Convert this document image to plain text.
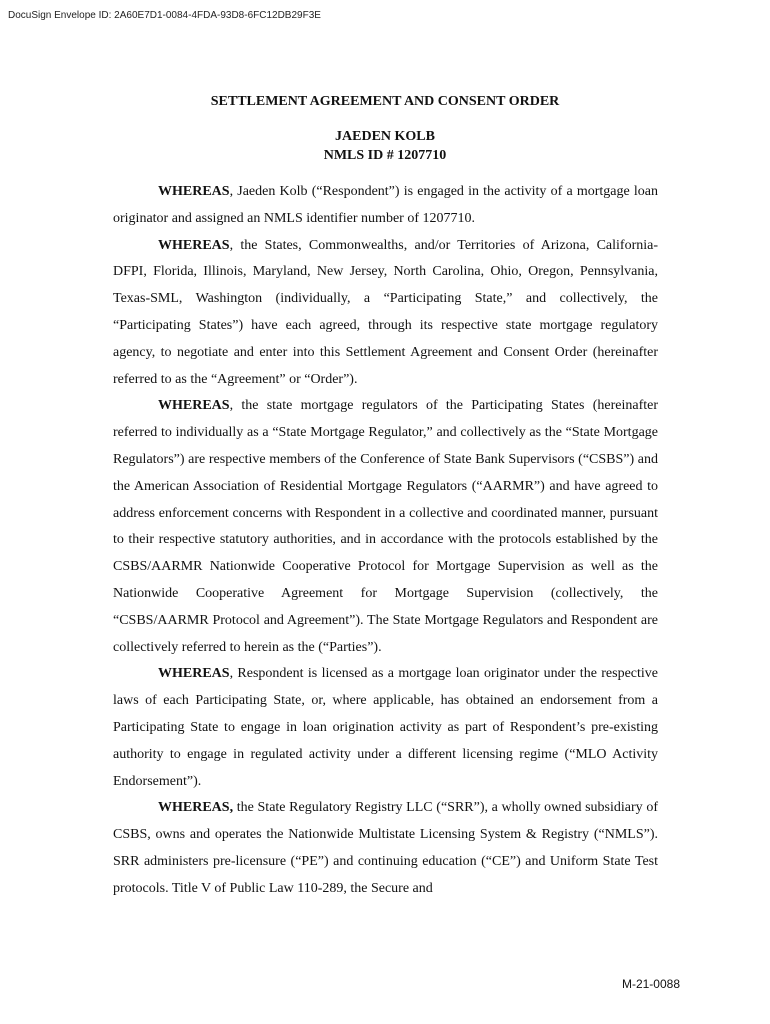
DocuSign Envelope ID: 2A60E7D1-0084-4FDA-93D8-6FC12DB29F3E
SETTLEMENT AGREEMENT AND CONSENT ORDER
JAEDEN KOLB
NMLS ID # 1207710

WHEREAS, Jaeden Kolb (“Respondent”) is engaged in the activity of a mortgage loan originator and assigned an NMLS identifier number of 1207710.

WHEREAS, the States, Commonwealths, and/or Territories of Arizona, California-DFPI, Florida, Illinois, Maryland, New Jersey, North Carolina, Ohio, Oregon, Pennsylvania, Texas-SML, Washington (individually, a “Participating State,” and collectively, the “Participating States”) have each agreed, through its respective state mortgage regulatory agency, to negotiate and enter into this Settlement Agreement and Consent Order (hereinafter referred to as the “Agreement” or “Order”).

WHEREAS, the state mortgage regulators of the Participating States (hereinafter referred to individually as a “State Mortgage Regulator,” and collectively as the “State Mortgage Regulators”) are respective members of the Conference of State Bank Supervisors (“CSBS”) and the American Association of Residential Mortgage Regulators (“AARMR”) and have agreed to address enforcement concerns with Respondent in a collective and coordinated manner, pursuant to their respective statutory authorities, and in accordance with the protocols established by the CSBS/AARMR Nationwide Cooperative Protocol for Mortgage Supervision as well as the Nationwide Cooperative Agreement for Mortgage Supervision (collectively, the “CSBS/AARMR Protocol and Agreement”). The State Mortgage Regulators and Respondent are collectively referred to herein as the (“Parties”).

WHEREAS, Respondent is licensed as a mortgage loan originator under the respective laws of each Participating State, or, where applicable, has obtained an endorsement from a Participating State to engage in loan origination activity as part of Respondent’s pre-existing authority to engage in regulated activity under a different licensing regime (“MLO Activity Endorsement”).

WHEREAS, the State Regulatory Registry LLC (“SRR”), a wholly owned subsidiary of CSBS, owns and operates the Nationwide Multistate Licensing System & Registry (“NMLS”). SRR administers pre-licensure (“PE”) and continuing education (“CE”) and Uniform State Test protocols. Title V of Public Law 110-289, the Secure and

M-21-0088
